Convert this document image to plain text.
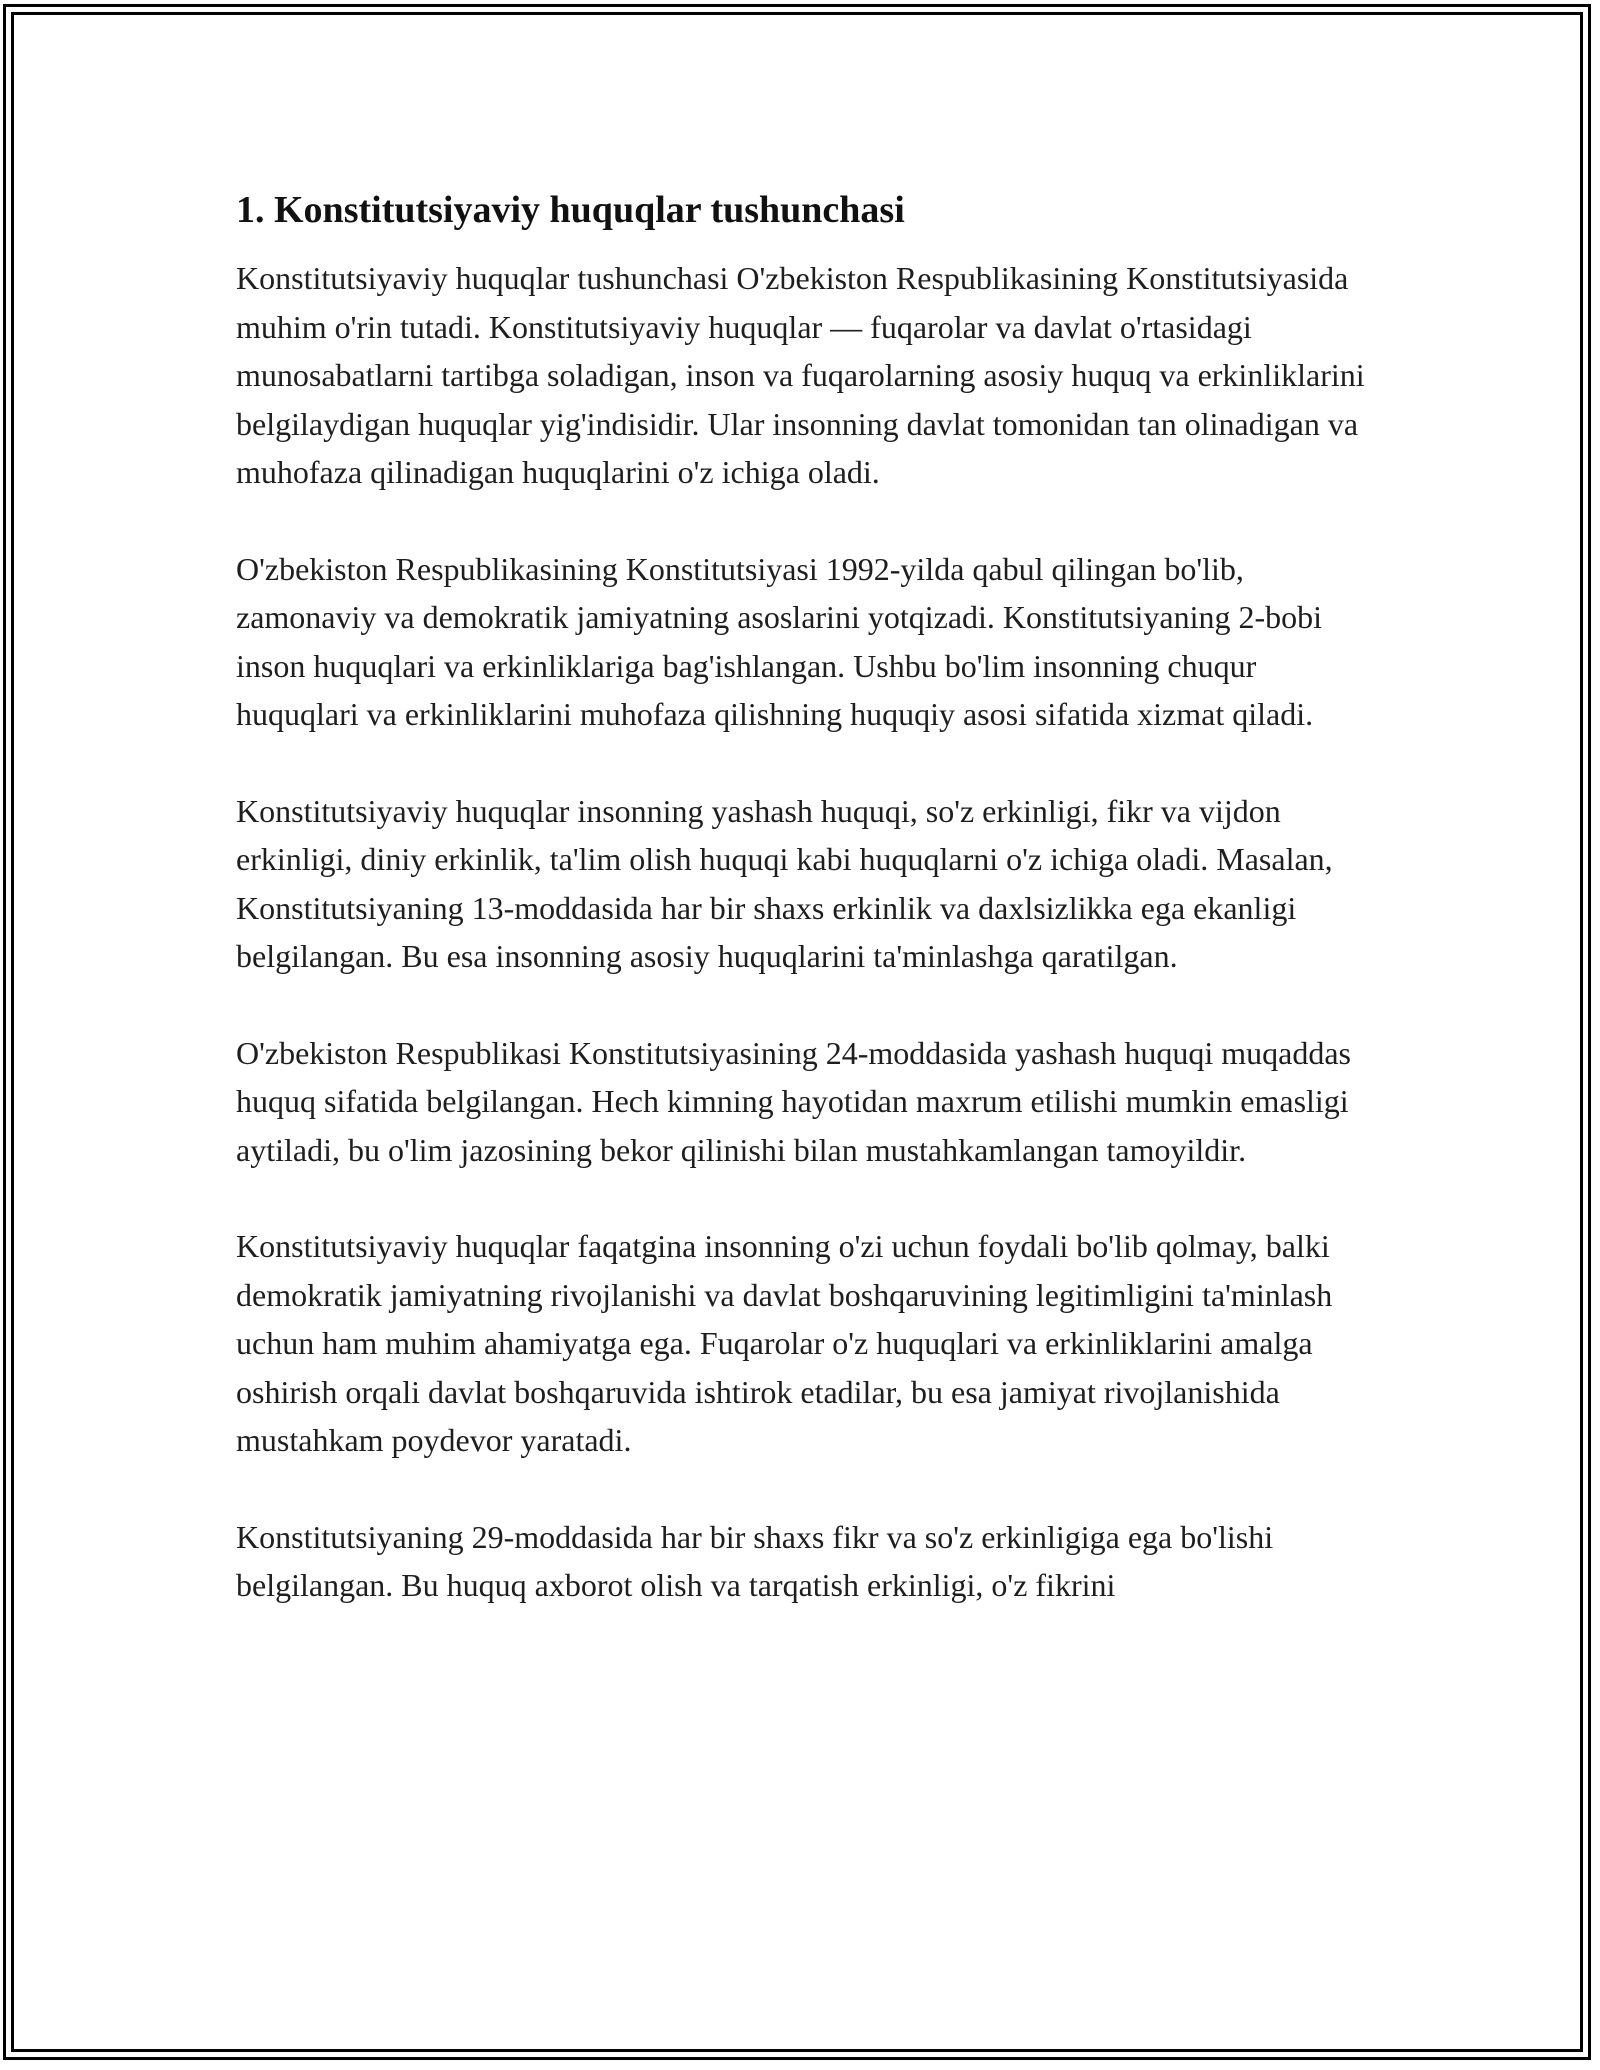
1. Konstitutsiyaviy huquqlar tushunchasi

Konstitutsiyaviy huquqlar tushunchasi O'zbekiston Respublikasining Konstitutsiyasida muhim o'rin tutadi. Konstitutsiyaviy huquqlar — fuqarolar va davlat o'rtasidagi munosabatlarni tartibga soladigan, inson va fuqarolarning asosiy huquq va erkinliklarini belgilaydigan huquqlar yig'indisidir. Ular insonning davlat tomonidan tan olinadigan va muhofaza qilinadigan huquqlarini o'z ichiga oladi.

O'zbekiston Respublikasining Konstitutsiyasi 1992-yilda qabul qilingan bo'lib, zamonaviy va demokratik jamiyatning asoslarini yotqizadi. Konstitutsiyaning 2-bobi inson huquqlari va erkinliklariga bag'ishlangan. Ushbu bo'lim insonning chuqur huquqlari va erkinliklarini muhofaza qilishning huquqiy asosi sifatida xizmat qiladi.

Konstitutsiyaviy huquqlar insonning yashash huquqi, so'z erkinligi, fikr va vijdon erkinligi, diniy erkinlik, ta'lim olish huquqi kabi huquqlarni o'z ichiga oladi. Masalan, Konstitutsiyaning 13-moddasida har bir shaxs erkinlik va daxlsizlikka ega ekanligi belgilangan. Bu esa insonning asosiy huquqlarini ta'minlashga qaratilgan.

O'zbekiston Respublikasi Konstitutsiyasining 24-moddasida yashash huquqi muqaddas huquq sifatida belgilangan. Hech kimning hayotidan maxrum etilishi mumkin emasligi aytiladi, bu o'lim jazosining bekor qilinishi bilan mustahkamlangan tamoyildir.

Konstitutsiyaviy huquqlar faqatgina insonning o'zi uchun foydali bo'lib qolmay, balki demokratik jamiyatning rivojlanishi va davlat boshqaruvining legitimligini ta'minlash uchun ham muhim ahamiyatga ega. Fuqarolar o'z huquqlari va erkinliklarini amalga oshirish orqali davlat boshqaruvida ishtirok etadilar, bu esa jamiyat rivojlanishida mustahkam poydevor yaratadi.

Konstitutsiyaning 29-moddasida har bir shaxs fikr va so'z erkinligiga ega bo'lishi belgilangan. Bu huquq axborot olish va tarqatish erkinligi, o'z fikrini
